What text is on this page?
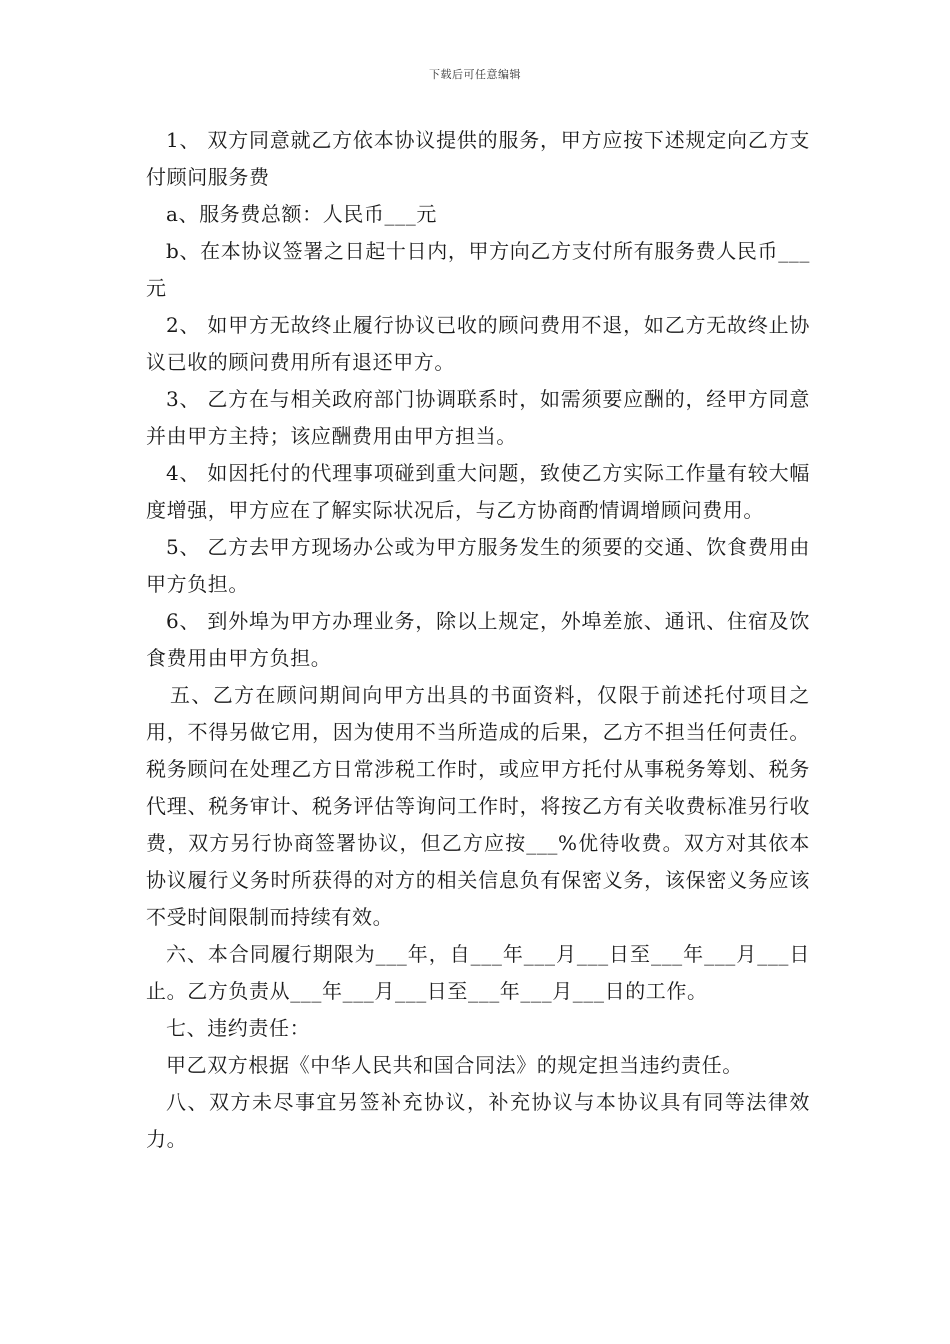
下载后可任意编辑

1、 双方同意就乙方依本协议提供的服务，甲方应按下述规定向乙方支付顾问服务费

a、服务费总额：人民币___元

b、在本协议签署之日起十日内，甲方向乙方支付所有服务费人民币___元

2、 如甲方无故终止履行协议已收的顾问费用不退，如乙方无故终止协议已收的顾问费用所有退还甲方。

3、 乙方在与相关政府部门协调联系时，如需须要应酬的，经甲方同意并由甲方主持；该应酬费用由甲方担当。

4、 如因托付的代理事项碰到重大问题，致使乙方实际工作量有较大幅度增强，甲方应在了解实际状况后，与乙方协商酌情调增顾问费用。

5、 乙方去甲方现场办公或为甲方服务发生的须要的交通、饮食费用由甲方负担。

6、 到外埠为甲方办理业务，除以上规定，外埠差旅、通讯、住宿及饮食费用由甲方负担。

五、乙方在顾问期间向甲方出具的书面资料，仅限于前述托付项目之用，不得另做它用，因为使用不当所造成的后果，乙方不担当任何责任。税务顾问在处理乙方日常涉税工作时，或应甲方托付从事税务筹划、税务代理、税务审计、税务评估等询问工作时，将按乙方有关收费标准另行收费，双方另行协商签署协议，但乙方应按___%优待收费。双方对其依本协议履行义务时所获得的对方的相关信息负有保密义务，该保密义务应该不受时间限制而持续有效。

六、本合同履行期限为___年，自___年___月___日至___年___月___日止。乙方负责从___年___月___日至___年___月___日的工作。

七、违约责任：

甲乙双方根据《中华人民共和国合同法》的规定担当违约责任。

八、双方未尽事宜另签补充协议，补充协议与本协议具有同等法律效力。
